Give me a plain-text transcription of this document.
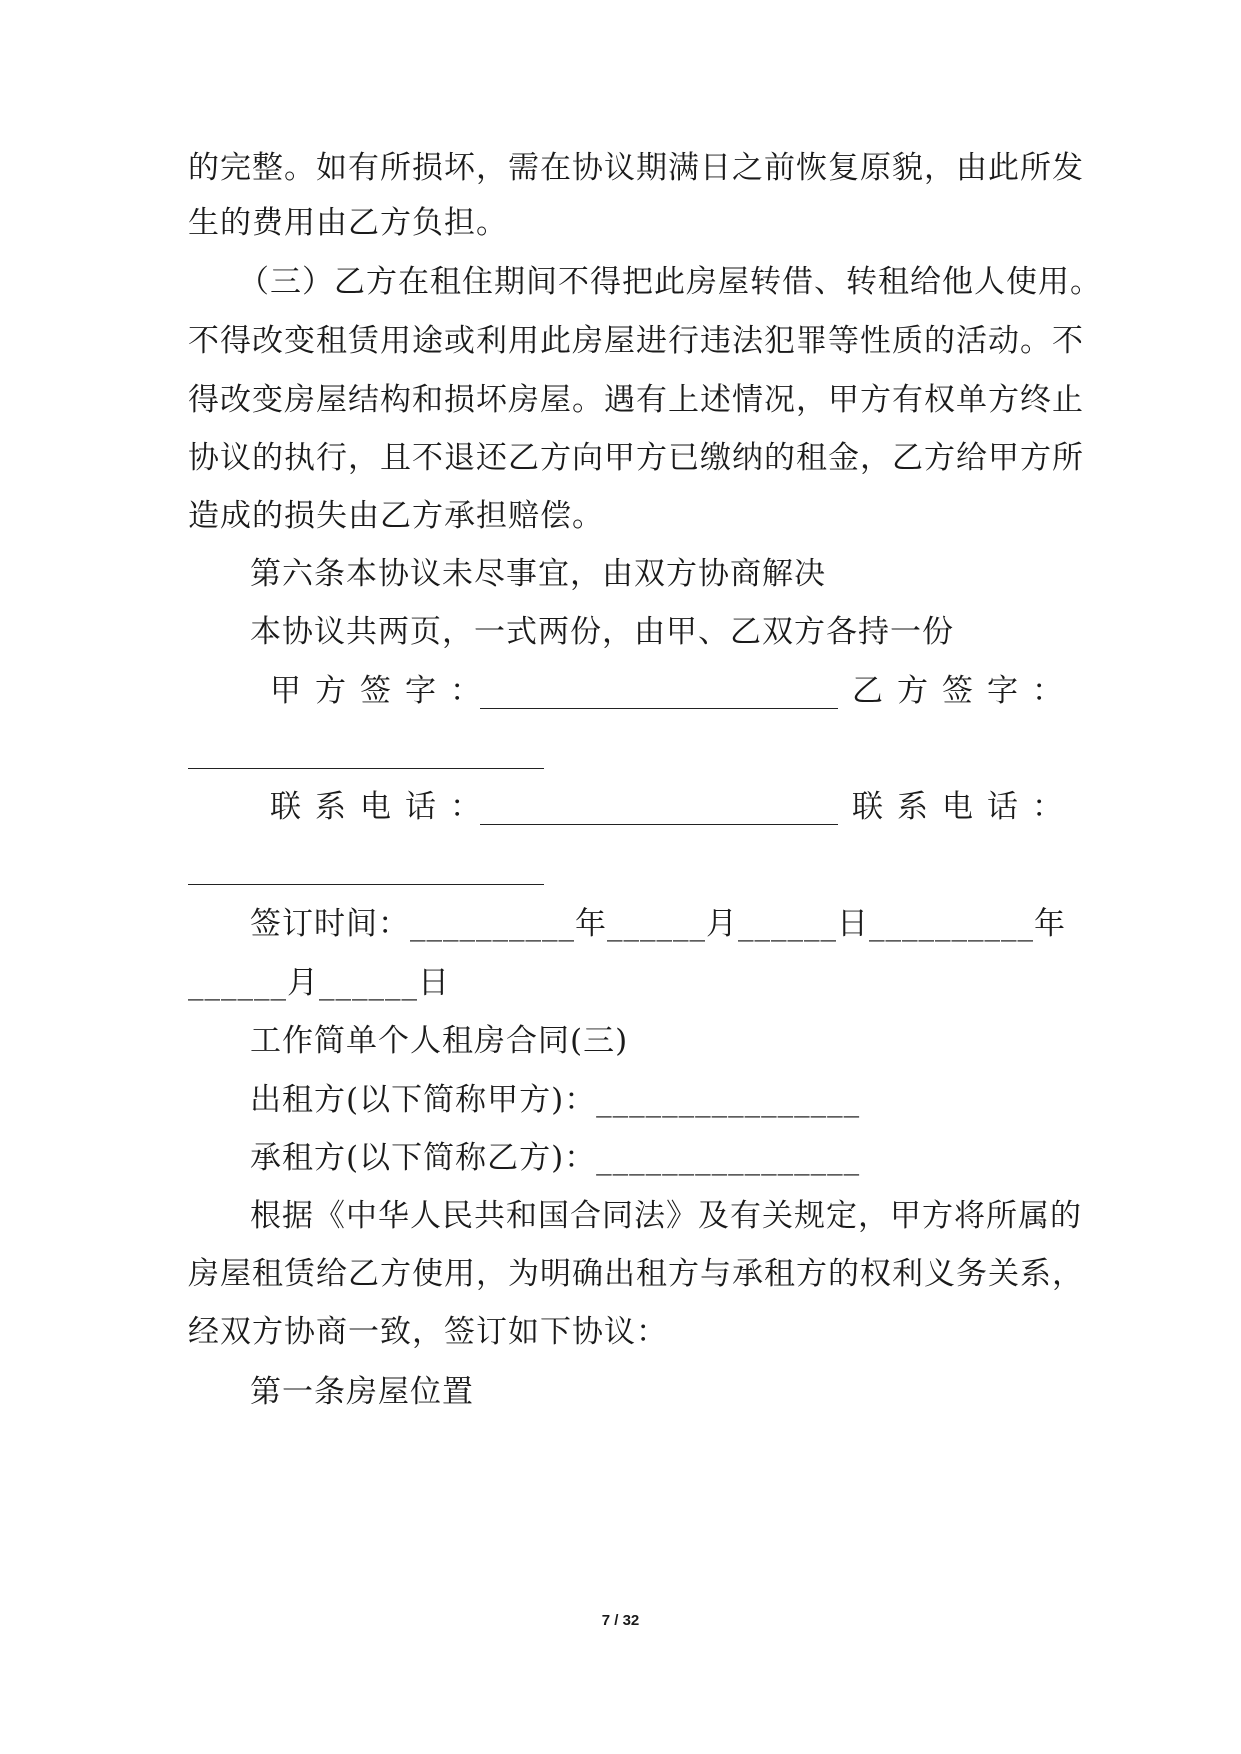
的完整。如有所损坏，需在协议期满日之前恢复原貌，由此所发
生的费用由乙方负担。
（三）乙方在租住期间不得把此房屋转借、转租给他人使用。
不得改变租赁用途或利用此房屋进行违法犯罪等性质的活动。不
得改变房屋结构和损坏房屋。遇有上述情况，甲方有权单方终止
协议的执行，且不退还乙方向甲方已缴纳的租金，乙方给甲方所
造成的损失由乙方承担赔偿。
第六条本协议未尽事宜，由双方协商解决
本协议共两页，一式两份，由甲、乙双方各持一份
甲方签字：	乙方签字：
联系电话：	联系电话：
签订时间：__________年______月______日__________年
______月______日
工作简单个人租房合同(三)
出租方(以下简称甲方)：________________
承租方(以下简称乙方)：________________
根据《中华人民共和国合同法》及有关规定，甲方将所属的
房屋租赁给乙方使用，为明确出租方与承租方的权利义务关系，
经双方协商一致，签订如下协议：
第一条房屋位置
7 / 32
